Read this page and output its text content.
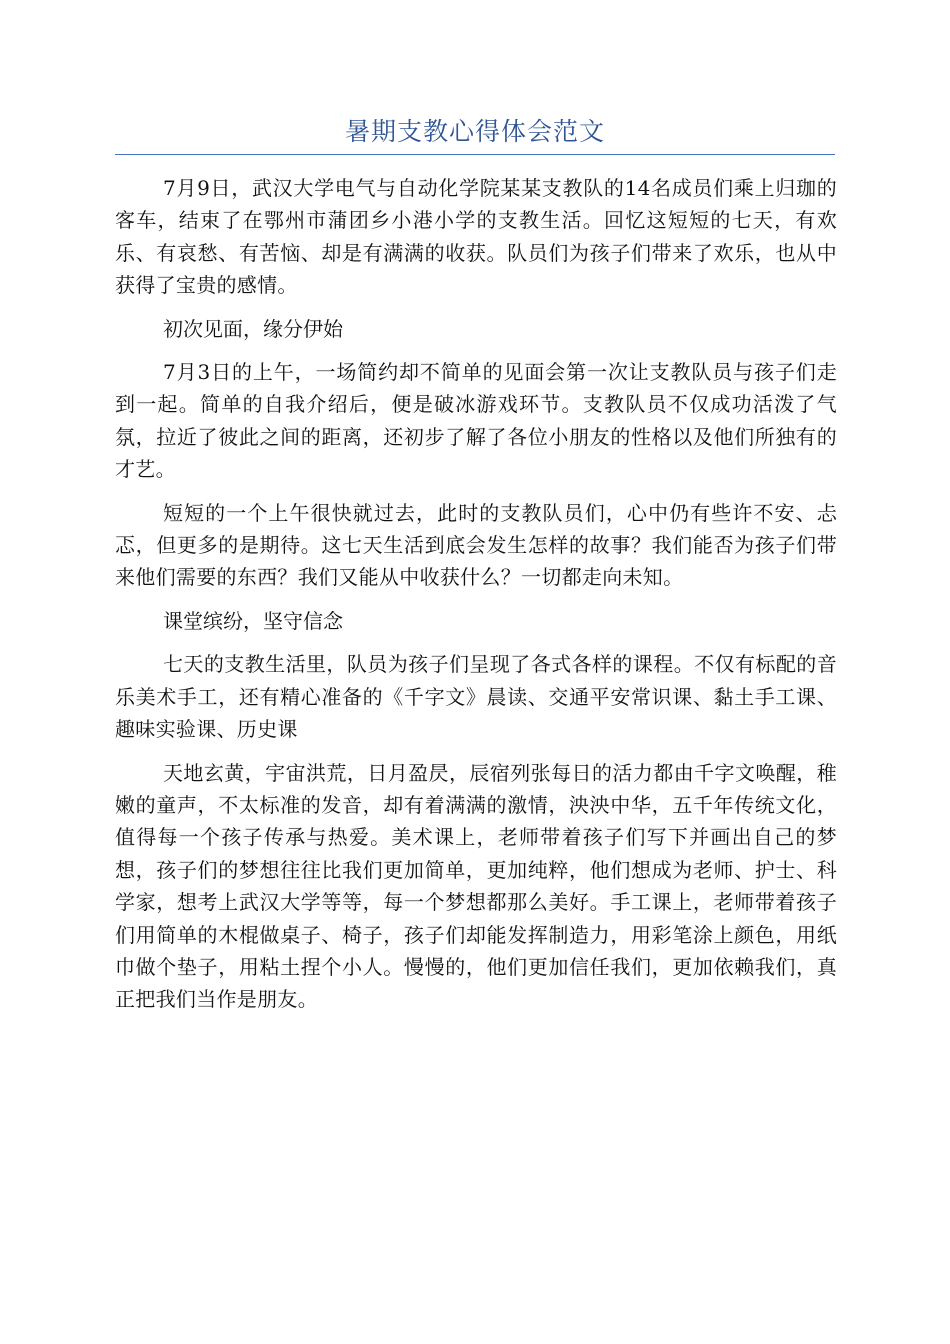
暑期支教心得体会范文

7月9日，武汉大学电气与自动化学院某某支教队的14名成员们乘上归珈的客车，结束了在鄂州市蒲团乡小港小学的支教生活。回忆这短短的七天，有欢乐、有哀愁、有苦恼、却是有满满的收获。队员们为孩子们带来了欢乐，也从中获得了宝贵的感情。

初次见面，缘分伊始

7月3日的上午，一场简约却不简单的见面会第一次让支教队员与孩子们走到一起。简单的自我介绍后，便是破冰游戏环节。支教队员不仅成功活泼了气氛，拉近了彼此之间的距离，还初步了解了各位小朋友的性格以及他们所独有的才艺。

短短的一个上午很快就过去，此时的支教队员们，心中仍有些许不安、忐忑，但更多的是期待。这七天生活到底会发生怎样的故事？我们能否为孩子们带来他们需要的东西？我们又能从中收获什么？一切都走向未知。

课堂缤纷，坚守信念

七天的支教生活里，队员为孩子们呈现了各式各样的课程。不仅有标配的音乐美术手工，还有精心准备的《千字文》晨读、交通平安常识课、黏土手工课、趣味实验课、历史课

天地玄黄，宇宙洪荒，日月盈昃，辰宿列张每日的活力都由千字文唤醒，稚嫩的童声，不太标准的发音，却有着满满的激情，泱泱中华，五千年传统文化，值得每一个孩子传承与热爱。美术课上，老师带着孩子们写下并画出自己的梦想，孩子们的梦想往往比我们更加简单，更加纯粹，他们想成为老师、护士、科学家，想考上武汉大学等等，每一个梦想都那么美好。手工课上，老师带着孩子们用简单的木棍做桌子、椅子，孩子们却能发挥制造力，用彩笔涂上颜色，用纸巾做个垫子，用粘土捏个小人。慢慢的，他们更加信任我们，更加依赖我们，真正把我们当作是朋友。
